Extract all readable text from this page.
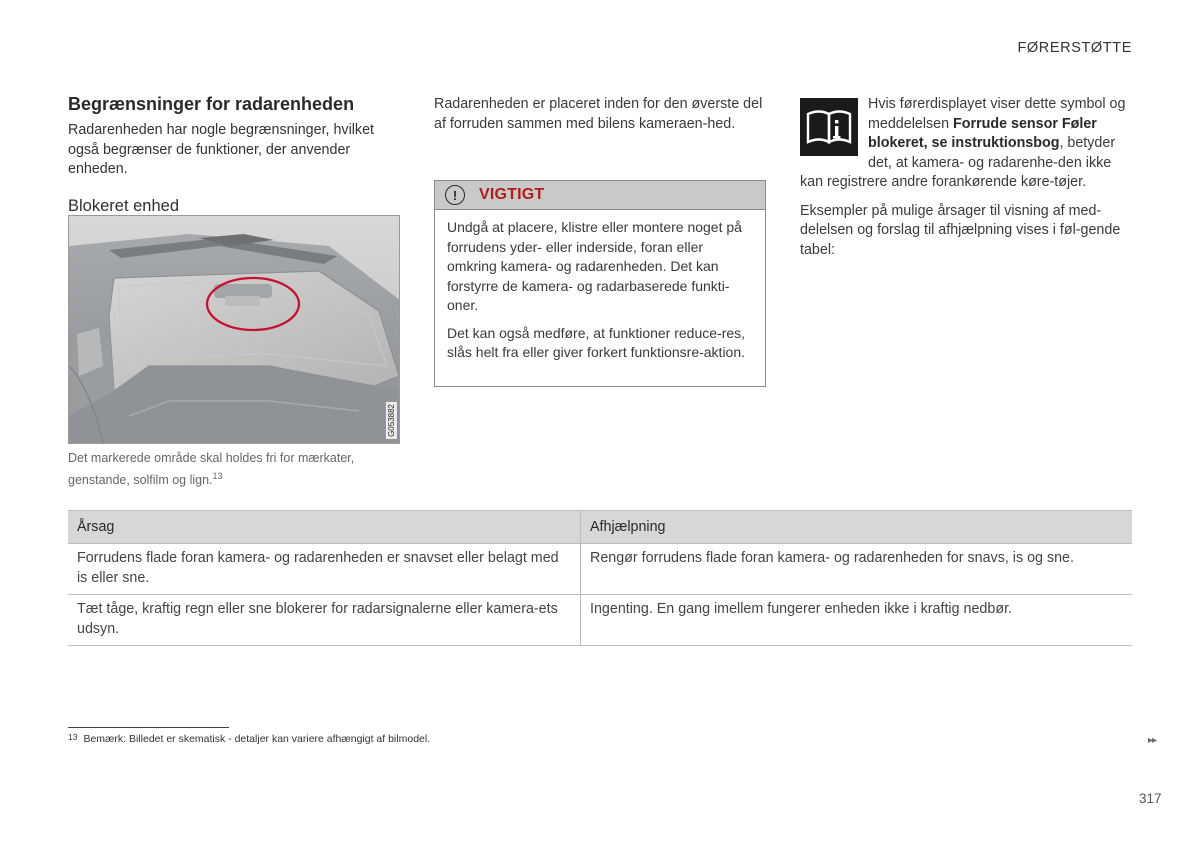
FØRERSTØTTE
Begrænsninger for radarenheden

Radarenheden har nogle begrænsninger, hvilket også begrænser de funktioner, der anvender enheden.

Blokeret enhed
G053882
Det markerede område skal holdes fri for mærkater, genstande, solfilm og lign.$^{13}$

Radarenheden er placeret inden for den øverste del af forruden sammen med bilens kameraen-hed.

!	VIGTIGT

Undgå at placere, klistre eller montere noget på forrudens yder- eller inderside, foran eller omkring kamera- og radarenheden. Det kan forstyrre de kamera- og radarbaserede funkti-oner.

Det kan også medføre, at funktioner reduce-res, slås helt fra eller giver forkert funktionsre-aktion.

Hvis førerdisplayet viser dette symbol og meddelelsen Forrude sensor Føler blokeret, se instruktionsbog, betyder det, at kamera- og radarenhe-den ikke kan registrere andre forankørende køre-tøjer.

Eksempler på mulige årsager til visning af med-delelsen og forslag til afhjælpning vises i føl-gende tabel:

Årsag	Afhjælpning
Forrudens flade foran kamera- og radarenheden er snavset eller belagt med is eller sne.	Rengør forrudens flade foran kamera- og radarenheden for snavs, is og sne.
Tæt tåge, kraftig regn eller sne blokerer for radarsignalerne eller kamera-ets udsyn.	Ingenting. En gang imellem fungerer enheden ikke i kraftig nedbør.
$^{13}$ Bemærk: Billedet er skematisk - detaljer kan variere afhængigt af bilmodel.	▸▸
317
